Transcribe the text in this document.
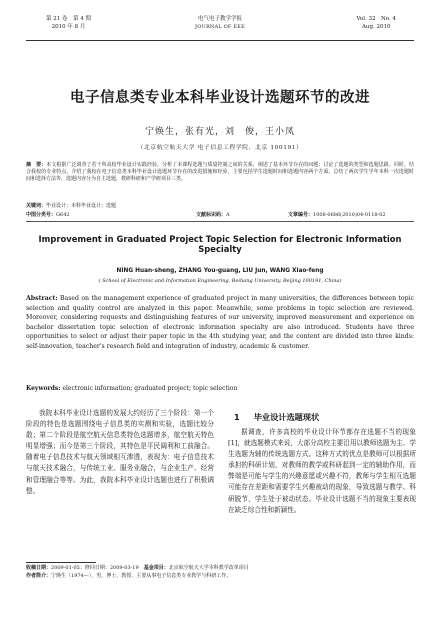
第 21 卷　第 4 期
2010 年 8 月
电气电子教学学报
JOURNAL OF EEE
Vol. 32　No. 4
Aug. 2010
电子信息类专业本科毕业设计选题环节的改进
宁焕生，张有光，刘　俊，王小凤
（北京航空航天大学 电子信息工程学院，北京 100191）
摘　要：本文根据广泛调查了若干所高校毕业设计实践经验，分析了本课程选题与质量控制之间的关系，阐述了基本环节存在的问题；讨论了选题的类型和选题思路。同时，结合我校的专业特点，介绍了我校在电子信息类本科毕业设计选题环节存在的改进措施和经验，主要包括学生选题时间和选题内容两个方面。总结了两次学生学年本科一次选题时间和选择方法等，选题内容分为自主选题，教研科研和产学研项目三类。
关键词：毕业设计；本科毕业设计；选题
中图分类号：G642	文献标识码：A	文章编号：1008-0686(2010)04-0118-02
Improvement in Graduated Project Topic Selection for Electronic Information Specialty
NING Huan-sheng, ZHANG You-guang, LIU Jun, WANG Xiao-feng
( School of Electronic and Information Engineering, Beihang University, Beijing 100191, China)
Abstract: Based on the management experience of graduated project in many universities, the differences between topic selection and quality control are analyzed in this paper. Meanwhile, some problems in topic selection are reviewed. Moreover, considering requests and distinguishing features of our university, improved measurement and experience on bachelor dissertation topic selection of electronic information specialty are also introduced. Students have three opportunities to select or adjust their paper topic in the 4th studying year, and the content are divided into three kinds: self-innovation, teacher's research field and integration of industry, academic & customer.
Keywords: electronic information; graduated project; topic selection
我院本科毕业设计选题的发展大约经历了三个阶段：第一个阶段的特色是选题围绕电子信息类的实测和实验，选题比较分散；第二个阶段是航空航天信息类特色选题增多，航空航天特色明显增强；而今是第三个阶段，其特色是平民阔利和工前融合。随着电子信息技术与航天领域相互渗透，表现为：电子信息技术与航天技术融合，与传统工业、服务业融合，与企业生产、经营和管理融合等等。为此，我院本科毕业设计选题也进行了积极调整。
1 毕业设计选题现状
据调查，许多高校的毕业设计环节都存在选题不当的现象[1]，就选题模式来说，大部分高校主要沿用以教师选题为主、学生选题为辅的传统选题方式。这种方式的优点是教师可以根据所承担的科研计划，对教师的教学或科研起到一定的辅助作用，而弊端是可能与学生的兴趣意愿或兴趣不符，教师与学生相互选题可能存在差距和需要学生兴趣被动的现象，导致选题与教学、科研脱节，学生处于被动状态。毕业设计选题不当的现象主要表现在缺乏综合性和新颖性。
收稿日期：2009-01-05；修回日期：2009-03-19　 基金项目：北京航空航天大学本科教学改革项目
作者简介：宁焕生（1974—），男，博士，教授，主要从事电子信息类专业教学与科研工作。
